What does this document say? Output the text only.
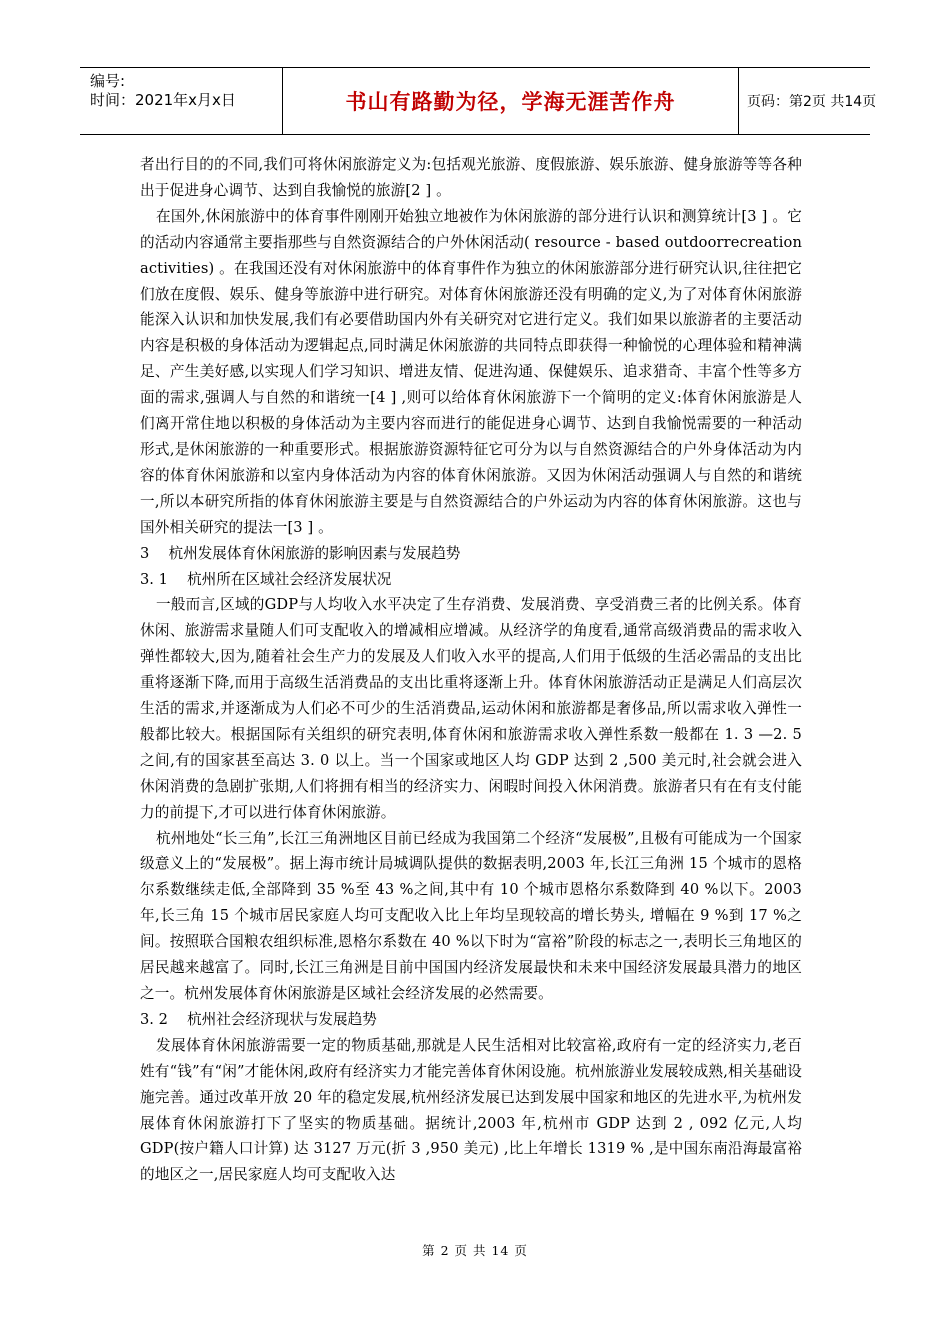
编号:
时间：2021年x月x日	书山有路勤为径，学海无涯苦作舟	页码：第2页 共14页
者出行目的的不同,我们可将休闲旅游定义为:包括观光旅游、度假旅游、娱乐旅游、健身旅游等等各种出于促进身心调节、达到自我愉悦的旅游[2 ] 。
在国外,休闲旅游中的体育事件刚刚开始独立地被作为休闲旅游的部分进行认识和测算统计[3 ] 。它的活动内容通常主要指那些与自然资源结合的户外休闲活动( resource - based outdoorrecreation activities) 。在我国还没有对休闲旅游中的体育事件作为独立的休闲旅游部分进行研究认识,往往把它们放在度假、娱乐、健身等旅游中进行研究。对体育休闲旅游还没有明确的定义,为了对体育休闲旅游能深入认识和加快发展,我们有必要借助国内外有关研究对它进行定义。我们如果以旅游者的主要活动内容是积极的身体活动为逻辑起点,同时满足休闲旅游的共同特点即获得一种愉悦的心理体验和精神满足、产生美好感,以实现人们学习知识、增进友情、促进沟通、保健娱乐、追求猎奇、丰富个性等多方面的需求,强调人与自然的和谐统一[4 ] ,则可以给体育休闲旅游下一个简明的定义:体育休闲旅游是人们离开常住地以积极的身体活动为主要内容而进行的能促进身心调节、达到自我愉悦需要的一种活动形式,是休闲旅游的一种重要形式。根据旅游资源特征它可分为以与自然资源结合的户外身体活动为内容的体育休闲旅游和以室内身体活动为内容的体育休闲旅游。又因为休闲活动强调人与自然的和谐统一,所以本研究所指的体育休闲旅游主要是与自然资源结合的户外运动为内容的体育休闲旅游。这也与国外相关研究的提法一[3 ] 。
3　 杭州发展体育休闲旅游的影响因素与发展趋势
3. 1　 杭州所在区域社会经济发展状况
一般而言,区域的GDP与人均收入水平决定了生存消费、发展消费、享受消费三者的比例关系。体育休闲、旅游需求量随人们可支配收入的增减相应增减。从经济学的角度看,通常高级消费品的需求收入弹性都较大,因为,随着社会生产力的发展及人们收入水平的提高,人们用于低级的生活必需品的支出比重将逐渐下降,而用于高级生活消费品的支出比重将逐渐上升。体育休闲旅游活动正是满足人们高层次生活的需求,并逐渐成为人们必不可少的生活消费品,运动休闲和旅游都是奢侈品,所以需求收入弹性一般都比较大。根据国际有关组织的研究表明,体育休闲和旅游需求收入弹性系数一般都在 1. 3 —2. 5 之间,有的国家甚至高达 3. 0 以上。当一个国家或地区人均 GDP 达到 2 ,500 美元时,社会就会进入休闲消费的急剧扩张期,人们将拥有相当的经济实力、闲暇时间投入休闲消费。旅游者只有在有支付能力的前提下,才可以进行体育休闲旅游。
杭州地处“长三角”,长江三角洲地区目前已经成为我国第二个经济“发展极”,且极有可能成为一个国家级意义上的“发展极”。据上海市统计局城调队提供的数据表明,2003 年,长江三角洲 15 个城市的恩格尔系数继续走低,全部降到 35 %至 43 %之间,其中有 10 个城市恩格尔系数降到 40 %以下。2003 年,长三角 15 个城市居民家庭人均可支配收入比上年均呈现较高的增长势头, 增幅在 9 %到 17 %之间。按照联合国粮农组织标准,恩格尔系数在 40 %以下时为“富裕”阶段的标志之一,表明长三角地区的居民越来越富了。同时,长江三角洲是目前中国国内经济发展最快和未来中国经济发展最具潜力的地区之一。杭州发展体育休闲旅游是区域社会经济发展的必然需要。
3. 2　 杭州社会经济现状与发展趋势
发展体育休闲旅游需要一定的物质基础,那就是人民生活相对比较富裕,政府有一定的经济实力,老百姓有“钱”有“闲”才能休闲,政府有经济实力才能完善体育休闲设施。杭州旅游业发展较成熟,相关基础设施完善。通过改革开放 20 年的稳定发展,杭州经济发展已达到发展中国家和地区的先进水平,为杭州发展体育休闲旅游打下了坚实的物质基础。据统计,2003 年,杭州市 GDP 达到 2 , 092 亿元,人均 GDP(按户籍人口计算) 达 3127 万元(折 3 ,950 美元) ,比上年增长 1319 % ,是中国东南沿海最富裕的地区之一,居民家庭人均可支配收入达
第 2 页 共 14 页
